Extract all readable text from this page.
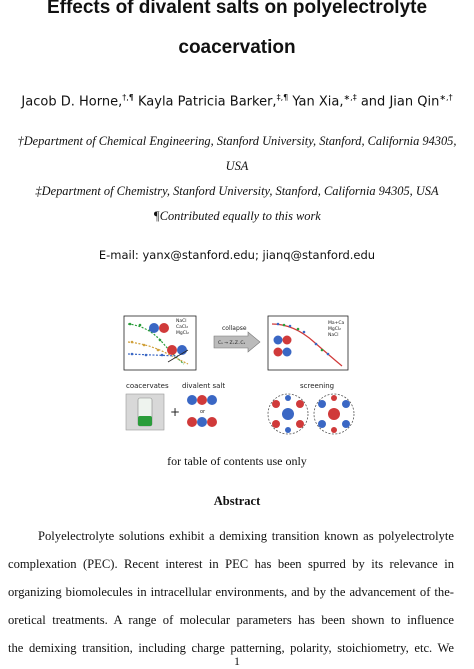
Effects of divalent salts on polyelectrolyte
coacervation
Jacob D. Horne,†,¶ Kayla Patricia Barker,‡,¶ Yan Xia,∗,‡ and Jian Qin∗,†
†Department of Chemical Engineering, Stanford University, Stanford, California 94305,
USA
‡Department of Chemistry, Stanford University, Stanford, California 94305, USA
¶Contributed equally to this work
E-mail: yanx@stanford.edu; jianq@stanford.edu
NaCl
CaCl₂
MgCl₂
collapse
Cₛ → Z₊Z₋Cₛ
Ma+Ca
MgCl₂
NaCl
coacervates divalent salt	screening
+	or
for table of contents use only
Abstract
Polyelectrolyte solutions exhibit a demixing transition known as polyelectrolyte
complexation (PEC). Recent interest in PEC has been spurred by its relevance in
organizing biomolecules in intracellular environments, and by the advancement of the-
oretical treatments. A range of molecular parameters has been shown to influence
the demixing transition, including charge patterning, polarity, stoichiometry, etc. We
1
